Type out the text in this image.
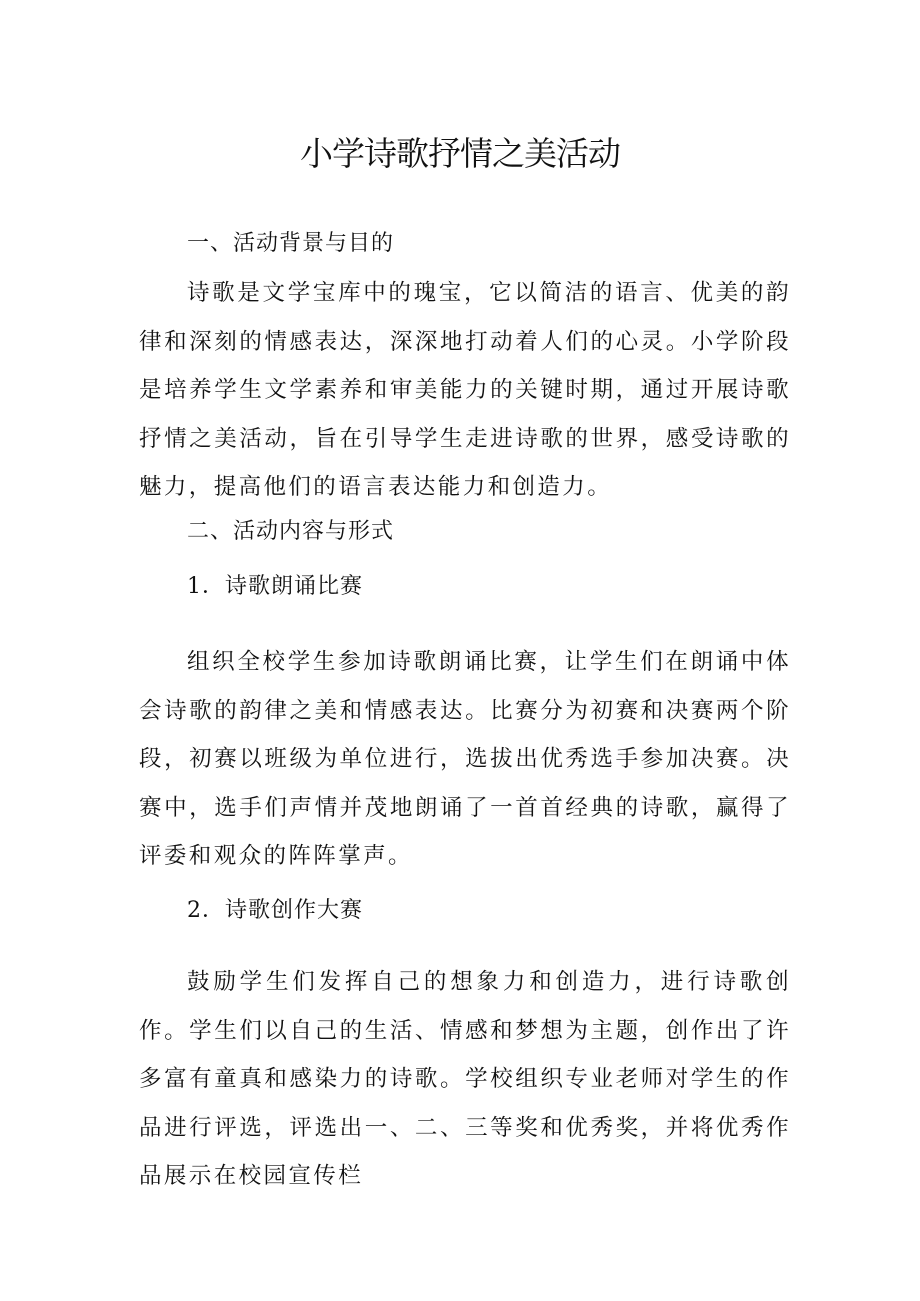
小学诗歌抒情之美活动

一、活动背景与目的

诗歌是文学宝库中的瑰宝，它以简洁的语言、优美的韵律和深刻的情感表达，深深地打动着人们的心灵。小学阶段是培养学生文学素养和审美能力的关键时期，通过开展诗歌抒情之美活动，旨在引导学生走进诗歌的世界，感受诗歌的魅力，提高他们的语言表达能力和创造力。

二、活动内容与形式

1．诗歌朗诵比赛

组织全校学生参加诗歌朗诵比赛，让学生们在朗诵中体会诗歌的韵律之美和情感表达。比赛分为初赛和决赛两个阶段，初赛以班级为单位进行，选拔出优秀选手参加决赛。决赛中，选手们声情并茂地朗诵了一首首经典的诗歌，赢得了评委和观众的阵阵掌声。

2．诗歌创作大赛

鼓励学生们发挥自己的想象力和创造力，进行诗歌创作。学生们以自己的生活、情感和梦想为主题，创作出了许多富有童真和感染力的诗歌。学校组织专业老师对学生的作品进行评选，评选出一、二、三等奖和优秀奖，并将优秀作品展示在校园宣传栏
